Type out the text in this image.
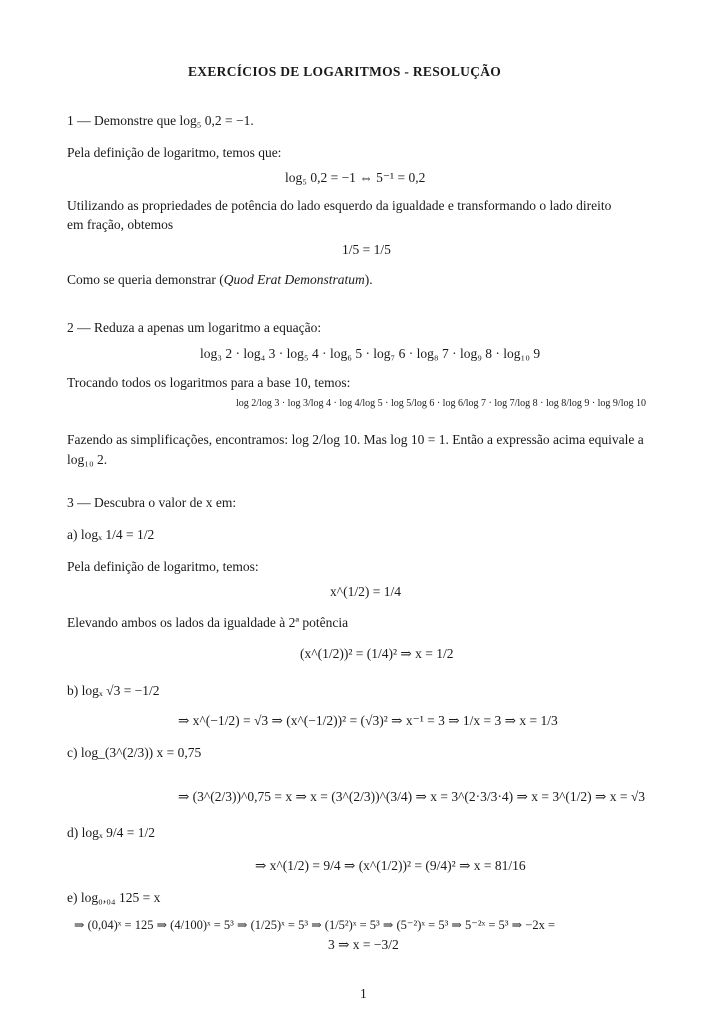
EXERCÍCIOS DE LOGARITMOS - RESOLUÇÃO
1 — Demonstre que log₅ 0,2 = −1.
Pela definição de logaritmo, temos que:
log₅ 0,2 = −1 ⇔ 5⁻¹ = 0,2
Utilizando as propriedades de potência do lado esquerdo da igualdade e transformando o lado direito
em fração, obtemos
1/5 = 1/5
Como se queria demonstrar (Quod Erat Demonstratum).
2 — Reduza a apenas um logaritmo a equação:
log₃ 2 · log₄ 3 · log₅ 4 · log₆ 5 · log₇ 6 · log₈ 7 · log₉ 8 · log₁₀ 9
Trocando todos os logaritmos para a base 10, temos:
log 2/log 3 · log 3/log 4 · log 4/log 5 · log 5/log 6 · log 6/log 7 · log 7/log 8 · log 8/log 9 · log 9/log 10
Fazendo as simplificações, encontramos: log 2/log 10. Mas log 10 = 1. Então a expressão acima equivale a
log₁₀ 2.
3 — Descubra o valor de x em:
a) logₓ 1/4 = 1/2
Pela definição de logaritmo, temos:
x^(1/2) = 1/4
Elevando ambos os lados da igualdade à 2ª potência
(x^(1/2))² = (1/4)² ⇒ x = 1/2
b) logₓ √3 = −1/2
⇒ x^(−1/2) = √3 ⇒ (x^(−1/2))² = (√3)² ⇒ x⁻¹ = 3 ⇒ 1/x = 3 ⇒ x = 1/3
c) log_(3^(2/3)) x = 0,75
⇒ (3^(2/3))^0,75 = x ⇒ x = (3^(2/3))^(3/4) ⇒ x = 3^(2·3/3·4) ⇒ x = 3^(1/2) ⇒ x = √3
d) logₓ 9/4 = 1/2
⇒ x^(1/2) = 9/4 ⇒ (x^(1/2))² = (9/4)² ⇒ x = 81/16
e) log₀,₀₄ 125 = x
⇒ (0,04)ˣ = 125 ⇒ (4/100)ˣ = 5³ ⇒ (1/25)ˣ = 5³ ⇒ (1/5²)ˣ = 5³ ⇒ (5⁻²)ˣ = 5³ ⇒ 5⁻²ˣ = 5³ ⇒ −2x =
3 ⇒ x = −3/2
1
